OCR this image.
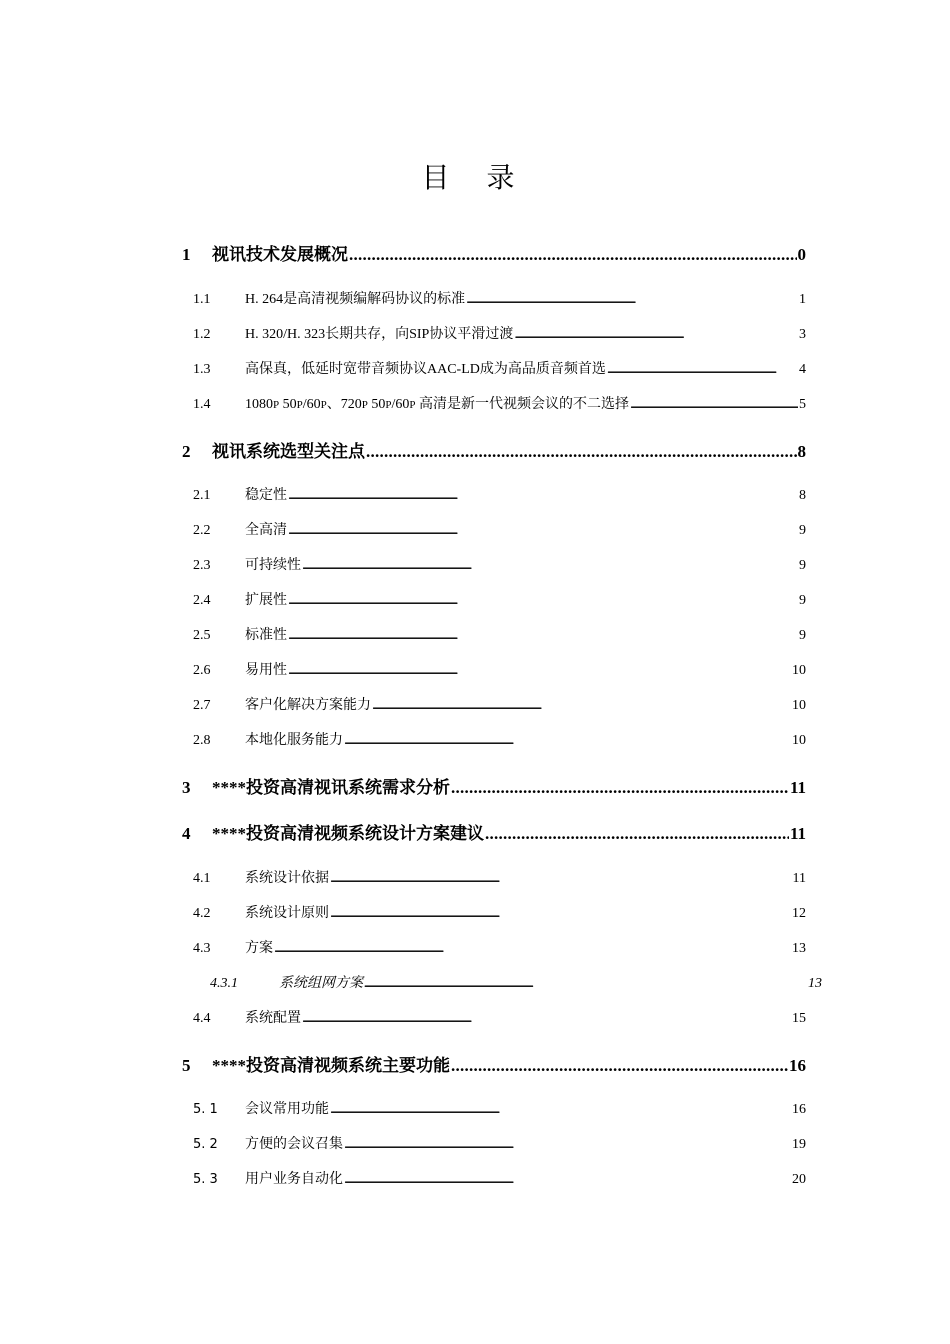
目 录
1	视讯技术发展概况 . . .	0
1.1	H. 264是高清视频编解码协议的标准 . . .	1
1.2	H. 320/H. 323长期共存，向SIP协议平滑过渡 . . .	3
1.3	高保真，低延时宽带音频协议AAC-LD成为高品质音频首选 . . .	4
1.4	1080P 50P/60P、720P 50P/60P 高清是新一代视频会议的不二选择 . . .	5
2	视讯系统选型关注点 . . .	8
2.1	稳定性 . . .	8
2.2	全高清 . . .	9
2.3	可持续性 . . .	9
2.4	扩展性 . . .	9
2.5	标准性 . . .	9
2.6	易用性 . . .	10
2.7	客户化解决方案能力 . . .	10
2.8	本地化服务能力 . . .	10
3	****投资高清视讯系统需求分析 . . .	11
4	****投资高清视频系统设计方案建议 . . .	11
4.1	系统设计依据 . . .	11
4.2	系统设计原则 . . .	12
4.3	方案 . . .	13
4.3.1	系统组网方案 . . .	13
4.4	系统配置 . . .	15
5	****投资高清视频系统主要功能 . . .	16
5. 1	会议常用功能 . . .	16
5. 2	方便的会议召集 . . .	19
5. 3	用户业务自动化 . . .	20
